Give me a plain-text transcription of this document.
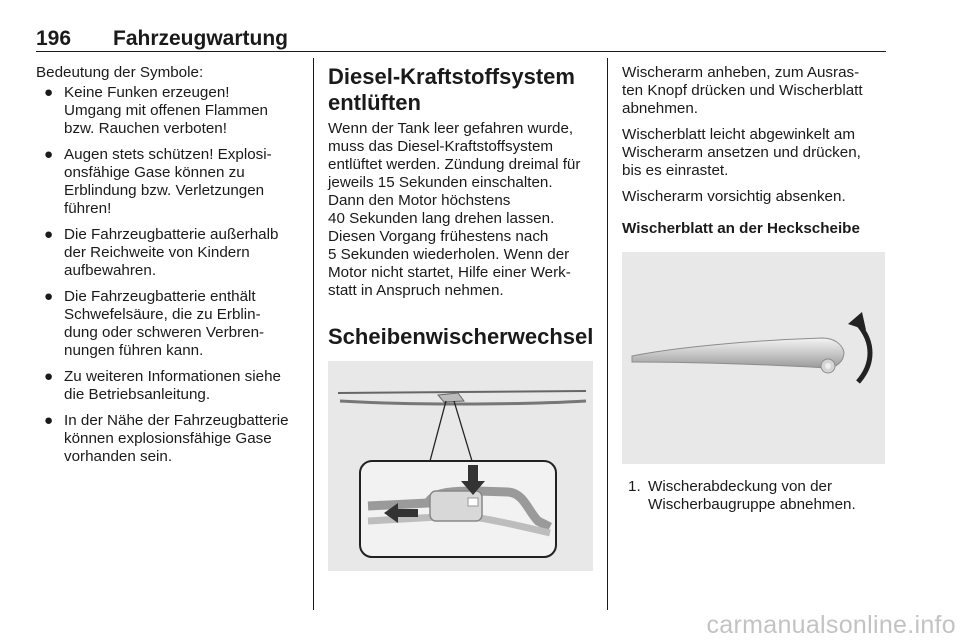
196 Fahrzeugwartung

Bedeutung der Symbole:

● Keine Funken erzeugen!
Umgang mit offenen Flammen
bzw. Rauchen verboten!
● Augen stets schützen! Explosi-
onsfähige Gase können zu
Erblindung bzw. Verletzungen
führen!
● Die Fahrzeugbatterie außerhalb
der Reichweite von Kindern
aufbewahren.
● Die Fahrzeugbatterie enthält
Schwefelsäure, die zu Erblin-
dung oder schweren Verbren-
nungen führen kann.
● Zu weiteren Informationen siehe
die Betriebsanleitung.
● In der Nähe der Fahrzeugbatterie
können explosionsfähige Gase
vorhanden sein.
Diesel-Kraftstoffsystem
entlüften

Wenn der Tank leer gefahren wurde,
muss das Diesel-Kraftstoffsystem
entlüftet werden. Zündung dreimal für
jeweils 15 Sekunden einschalten.
Dann den Motor höchstens
40 Sekunden lang drehen lassen.
Diesen Vorgang frühestens nach
5 Sekunden wiederholen. Wenn der
Motor nicht startet, Hilfe einer Werk-
statt in Anspruch nehmen.

Scheibenwischerwechsel

Wischerarm anheben, zum Ausras-
ten Knopf drücken und Wischerblatt
abnehmen.

Wischerblatt leicht abgewinkelt am
Wischerarm ansetzen und drücken,
bis es einrastet.

Wischerarm vorsichtig absenken.

Wischerblatt an der Heckscheibe
1. Wischerabdeckung von der
Wischerbaugruppe abnehmen.
carmanualsonline.info
